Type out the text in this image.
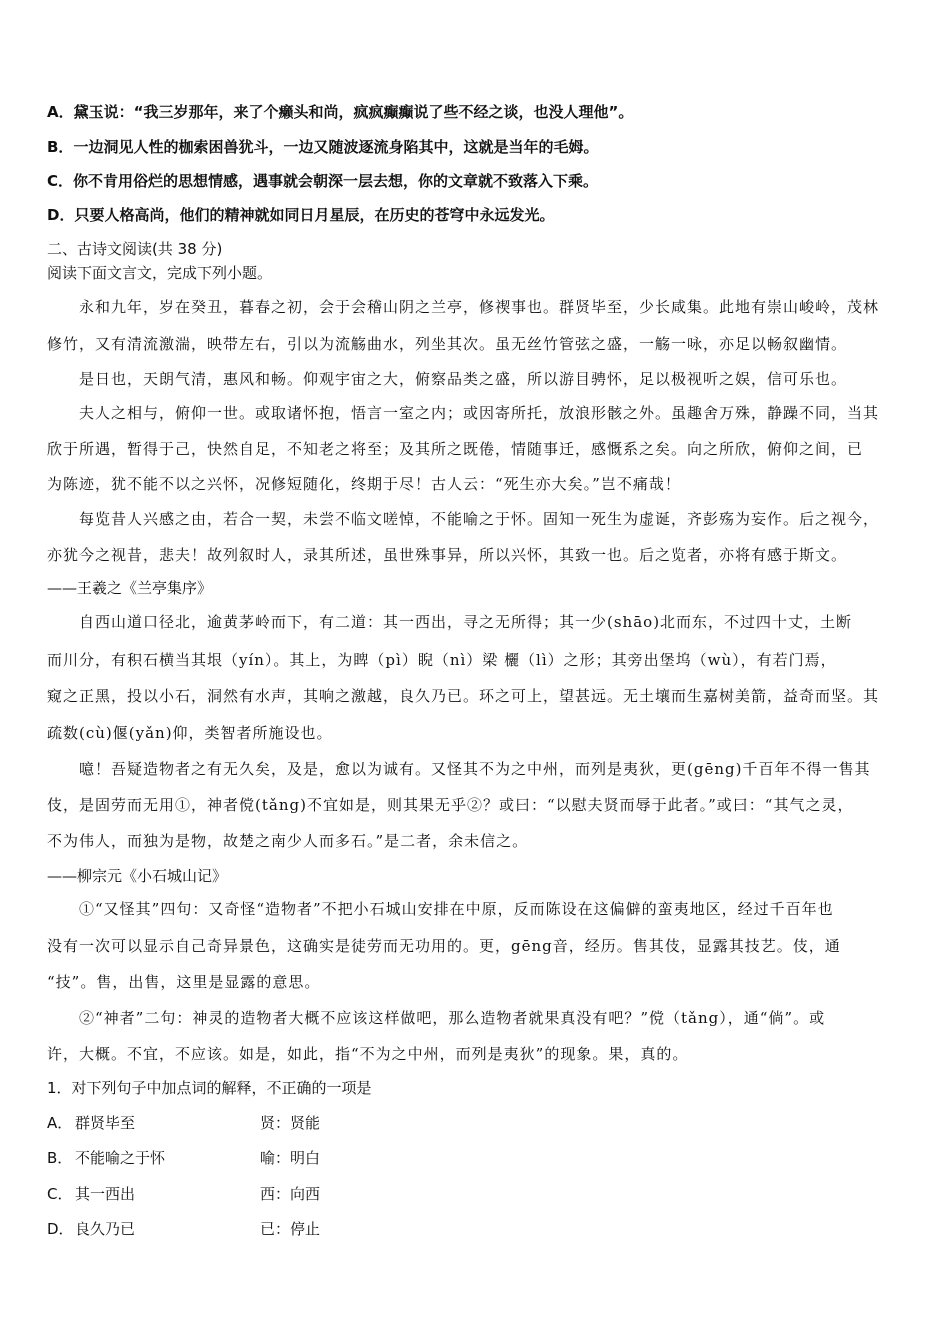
A．黛玉说：“我三岁那年，来了个癞头和尚，疯疯癫癫说了些不经之谈，也没人理他”。
B．一边洞见人性的枷索困兽犹斗，一边又随波逐流身陷其中，这就是当年的毛姆。
C．你不肯用俗烂的思想情感，遇事就会朝深一层去想，你的文章就不致落入下乘。
D．只要人格高尚，他们的精神就如同日月星辰，在历史的苍穹中永远发光。
二、古诗文阅读(共 38 分)
阅读下面文言文，完成下列小题。
永和九年，岁在癸丑，暮春之初，会于会稽山阴之兰亭，修禊事也。群贤毕至，少长咸集。此地有崇山峻岭，茂林
修竹，又有清流激湍，映带左右，引以为流觞曲水，列坐其次。虽无丝竹管弦之盛，一觞一咏，亦足以畅叙幽情。
是日也，天朗气清，惠风和畅。仰观宇宙之大，俯察品类之盛，所以游目骋怀，足以极视听之娱，信可乐也。
夫人之相与，俯仰一世。或取诸怀抱，悟言一室之内；或因寄所托，放浪形骸之外。虽趣舍万殊，静躁不同，当其
欣于所遇，暂得于己，快然自足，不知老之将至；及其所之既倦，情随事迁，感慨系之矣。向之所欣，俯仰之间，已
为陈迹，犹不能不以之兴怀，况修短随化，终期于尽！古人云：“死生亦大矣。”岂不痛哉！
每览昔人兴感之由，若合一契，未尝不临文嗟悼，不能喻之于怀。固知一死生为虚诞，齐彭殇为妄作。后之视今，
亦犹今之视昔，悲夫！故列叙时人，录其所述，虽世殊事异，所以兴怀，其致一也。后之览者，亦将有感于斯文。
——王羲之《兰亭集序》
自西山道口径北，逾黄茅岭而下，有二道：其一西出，寻之无所得；其一少(shāo)北而东，不过四十丈，土断
而川分，有积石横当其垠（yín）。其上，为睥（pì）睨（nì）梁 欐（lì）之形；其旁出堡坞（wù），有若门焉，
窥之正黑，投以小石，洞然有水声，其响之激越，良久乃已。环之可上，望甚远。无土壤而生嘉树美箭，益奇而坚。其
疏数(cù)偃(yǎn)仰，类智者所施设也。
噫！吾疑造物者之有无久矣，及是，愈以为诚有。又怪其不为之中州，而列是夷狄，更(gēng)千百年不得一售其
伎，是固劳而无用①，神者傥(tǎng)不宜如是，则其果无乎②？或曰：“以慰夫贤而辱于此者。”或曰：“其气之灵，
不为伟人，而独为是物，故楚之南少人而多石。”是二者，余未信之。
——柳宗元《小石城山记》
①“又怪其”四句：又奇怪“造物者”不把小石城山安排在中原，反而陈设在这偏僻的蛮夷地区，经过千百年也
没有一次可以显示自己奇异景色，这确实是徒劳而无功用的。更，gēng音，经历。售其伎，显露其技艺。伎，通
“技”。售，出售，这里是显露的意思。
②“神者”二句：神灵的造物者大概不应该这样做吧，那么造物者就果真没有吧？”傥（tǎng），通“倘”。或
许，大概。不宜，不应该。如是，如此，指“不为之中州，而列是夷狄”的现象。果，真的。
1．对下列句子中加点词的解释，不正确的一项是
A． 群贤毕至	贤：贤能
B． 不能喻之于怀	喻：明白
C． 其一西出	西：向西
D．良久乃已	已：停止
